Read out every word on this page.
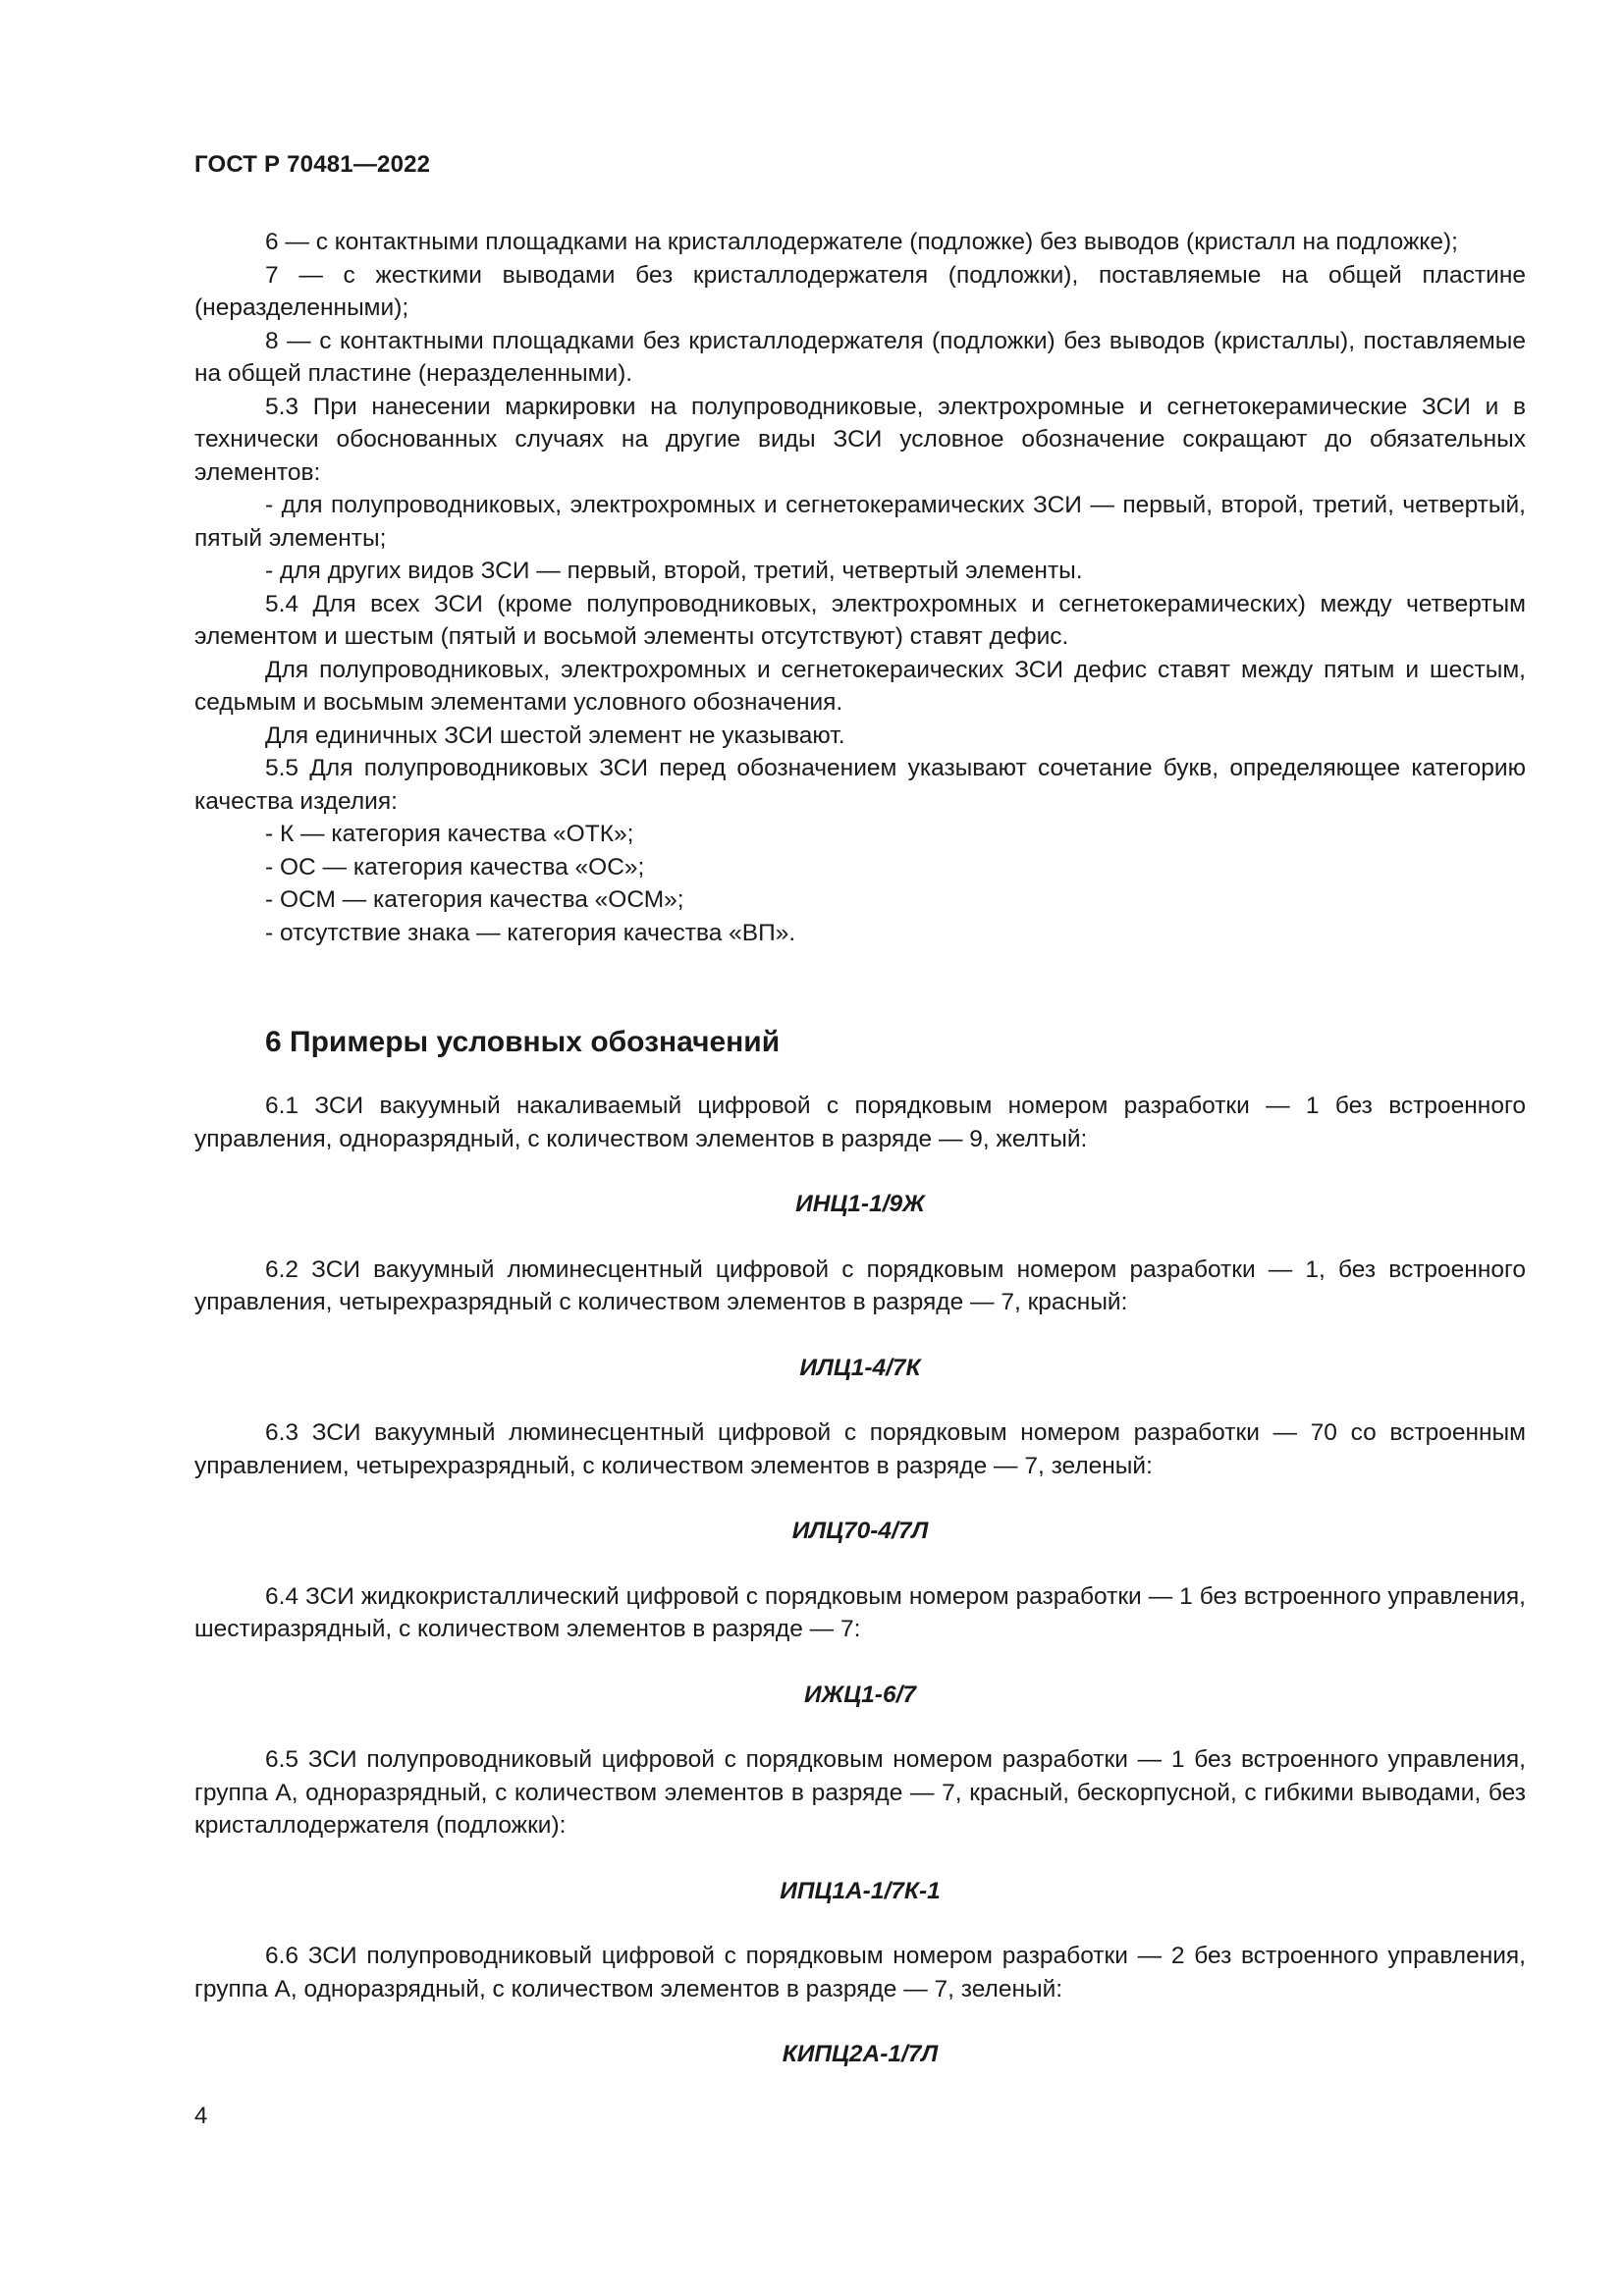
ГОСТ Р 70481—2022

6 — с контактными площадками на кристаллодержателе (подложке) без выводов (кристалл на подложке);

7 — с жесткими выводами без кристаллодержателя (подложки), поставляемые на общей пластине (неразделенными);

8 — с контактными площадками без кристаллодержателя (подложки) без выводов (кристаллы), поставляемые на общей пластине (неразделенными).

5.3 При нанесении маркировки на полупроводниковые, электрохромные и сегнетокерамические ЗСИ и в технически обоснованных случаях на другие виды ЗСИ условное обозначение сокращают до обязательных элементов:

- для полупроводниковых, электрохромных и сегнетокерамических ЗСИ — первый, второй, третий, четвертый, пятый элементы;

- для других видов ЗСИ — первый, второй, третий, четвертый элементы.

5.4 Для всех ЗСИ (кроме полупроводниковых, электрохромных и сегнетокерамических) между четвертым элементом и шестым (пятый и восьмой элементы отсутствуют) ставят дефис.

Для полупроводниковых, электрохромных и сегнетокераических ЗСИ дефис ставят между пятым и шестым, седьмым и восьмым элементами условного обозначения.

Для единичных ЗСИ шестой элемент не указывают.

5.5 Для полупроводниковых ЗСИ перед обозначением указывают сочетание букв, определяющее категорию качества изделия:

- К — категория качества «ОТК»;

- ОС — категория качества «ОС»;

- ОСМ — категория качества «ОСМ»;

- отсутствие знака — категория качества «ВП».

6 Примеры условных обозначений

6.1 ЗСИ вакуумный накаливаемый цифровой с порядковым номером разработки — 1 без встроенного управления, одноразрядный, с количеством элементов в разряде — 9, желтый:

ИНЦ1-1/9Ж

6.2 ЗСИ вакуумный люминесцентный цифровой с порядковым номером разработки — 1, без встроенного управления, четырехразрядный с количеством элементов в разряде — 7, красный:

ИЛЦ1-4/7К

6.3 ЗСИ вакуумный люминесцентный цифровой с порядковым номером разработки — 70 со встроенным управлением, четырехразрядный, с количеством элементов в разряде — 7, зеленый:

ИЛЦ70-4/7Л

6.4 ЗСИ жидкокристаллический цифровой с порядковым номером разработки — 1 без встроенного управления, шестиразрядный, с количеством элементов в разряде — 7:

ИЖЦ1-6/7

6.5 ЗСИ полупроводниковый цифровой с порядковым номером разработки — 1 без встроенного управления, группа А, одноразрядный, с количеством элементов в разряде — 7, красный, бескорпусной, с гибкими выводами, без кристаллодержателя (подложки):

ИПЦ1А-1/7К-1

6.6 ЗСИ полупроводниковый цифровой с порядковым номером разработки — 2 без встроенного управления, группа А, одноразрядный, с количеством элементов в разряде — 7, зеленый:

КИПЦ2А-1/7Л

4
